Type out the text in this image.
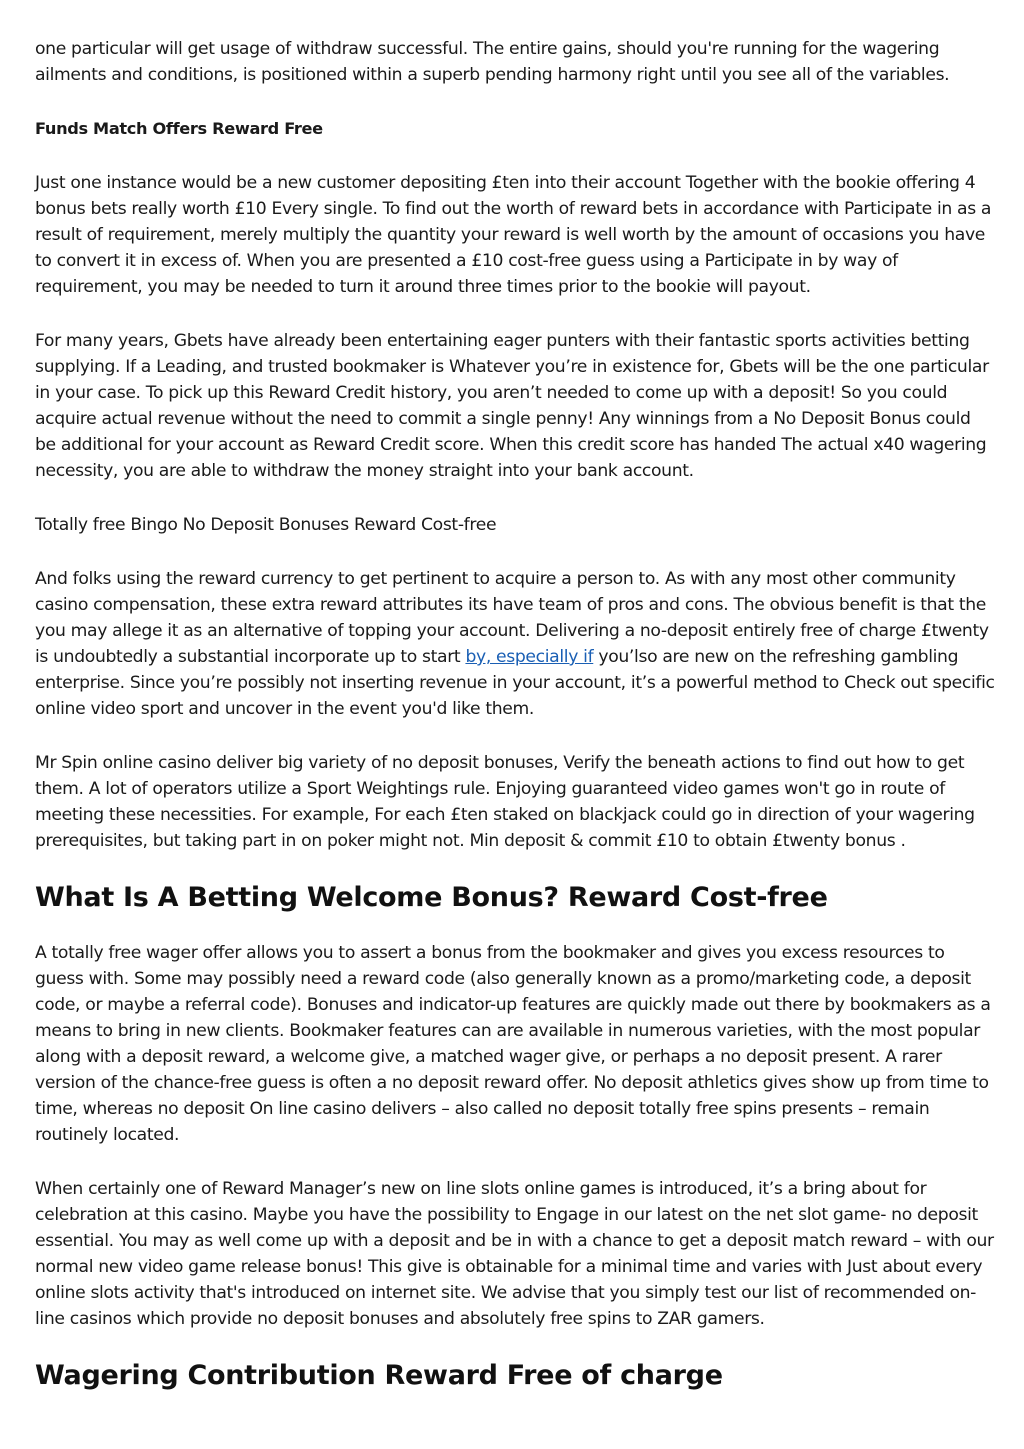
one particular will get usage of withdraw successful. The entire gains, should you're running for the wagering ailments and conditions, is positioned within a superb pending harmony right until you see all of the variables.

Funds Match Offers Reward Free

Just one instance would be a new customer depositing £ten into their account Together with the bookie offering 4 bonus bets really worth £10 Every single. To find out the worth of reward bets in accordance with Participate in as a result of requirement, merely multiply the quantity your reward is well worth by the amount of occasions you have to convert it in excess of. When you are presented a £10 cost-free guess using a Participate in by way of requirement, you may be needed to turn it around three times prior to the bookie will payout.

For many years, Gbets have already been entertaining eager punters with their fantastic sports activities betting supplying. If a Leading, and trusted bookmaker is Whatever you’re in existence for, Gbets will be the one particular in your case. To pick up this Reward Credit history, you aren’t needed to come up with a deposit! So you could acquire actual revenue without the need to commit a single penny! Any winnings from a No Deposit Bonus could be additional for your account as Reward Credit score. When this credit score has handed The actual x40 wagering necessity, you are able to withdraw the money straight into your bank account.

Totally free Bingo No Deposit Bonuses Reward Cost-free

And folks using the reward currency to get pertinent to acquire a person to. As with any most other community casino compensation, these extra reward attributes its have team of pros and cons. The obvious benefit is that the you may allege it as an alternative of topping your account. Delivering a no-deposit entirely free of charge £twenty is undoubtedly a substantial incorporate up to start by, especially if you’lso are new on the refreshing gambling enterprise. Since you’re possibly not inserting revenue in your account, it’s a powerful method to Check out specific online video sport and uncover in the event you'd like them.

Mr Spin online casino deliver big variety of no deposit bonuses, Verify the beneath actions to find out how to get them. A lot of operators utilize a Sport Weightings rule. Enjoying guaranteed video games won't go in route of meeting these necessities. For example, For each £ten staked on blackjack could go in direction of your wagering prerequisites, but taking part in on poker might not. Min deposit & commit £10 to obtain £twenty bonus .

What Is A Betting Welcome Bonus? Reward Cost-free

A totally free wager offer allows you to assert a bonus from the bookmaker and gives you excess resources to guess with. Some may possibly need a reward code (also generally known as a promo/marketing code, a deposit code, or maybe a referral code). Bonuses and indicator-up features are quickly made out there by bookmakers as a means to bring in new clients. Bookmaker features can are available in numerous varieties, with the most popular along with a deposit reward, a welcome give, a matched wager give, or perhaps a no deposit present. A rarer version of the chance-free guess is often a no deposit reward offer. No deposit athletics gives show up from time to time, whereas no deposit On line casino delivers – also called no deposit totally free spins presents – remain routinely located.

When certainly one of Reward Manager’s new on line slots online games is introduced, it’s a bring about for celebration at this casino. Maybe you have the possibility to Engage in our latest on the net slot game- no deposit essential. You may as well come up with a deposit and be in with a chance to get a deposit match reward – with our normal new video game release bonus! This give is obtainable for a minimal time and varies with Just about every online slots activity that's introduced on internet site. We advise that you simply test our list of recommended on-line casinos which provide no deposit bonuses and absolutely free spins to ZAR gamers.

Wagering Contribution Reward Free of charge
